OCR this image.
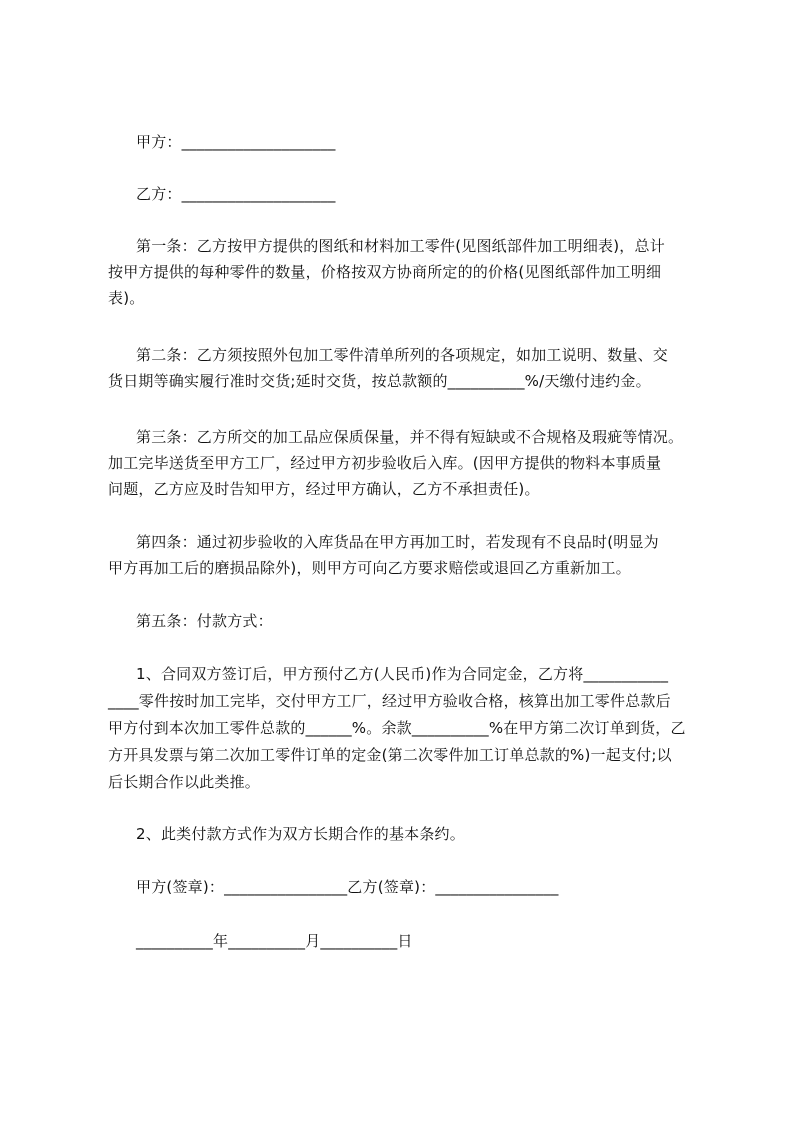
甲方：____________________
乙方：____________________
第一条：乙方按甲方提供的图纸和材料加工零件(见图纸部件加工明细表)，总计
按甲方提供的每种零件的数量，价格按双方协商所定的的价格(见图纸部件加工明细
表)。
第二条：乙方须按照外包加工零件清单所列的各项规定，如加工说明、数量、交
货日期等确实履行准时交货;延时交货，按总款额的__________%/天缴付违约金。
第三条：乙方所交的加工品应保质保量，并不得有短缺或不合规格及瑕疵等情况。
加工完毕送货至甲方工厂，经过甲方初步验收后入库。(因甲方提供的物料本事质量
问题，乙方应及时告知甲方，经过甲方确认，乙方不承担责任)。
第四条：通过初步验收的入库货品在甲方再加工时，若发现有不良品时(明显为
甲方再加工后的磨损品除外)，则甲方可向乙方要求赔偿或退回乙方重新加工。
第五条：付款方式：
1、合同双方签订后，甲方预付乙方(人民币)作为合同定金，乙方将___________
____零件按时加工完毕，交付甲方工厂，经过甲方验收合格，核算出加工零件总款后
甲方付到本次加工零件总款的______%。余款__________%在甲方第二次订单到货，乙
方开具发票与第二次加工零件订单的定金(第二次零件加工订单总款的%)一起支付;以
后长期合作以此类推。
2、此类付款方式作为双方长期合作的基本条约。
甲方(签章)：________________乙方(签章)：________________
__________年__________月__________日
